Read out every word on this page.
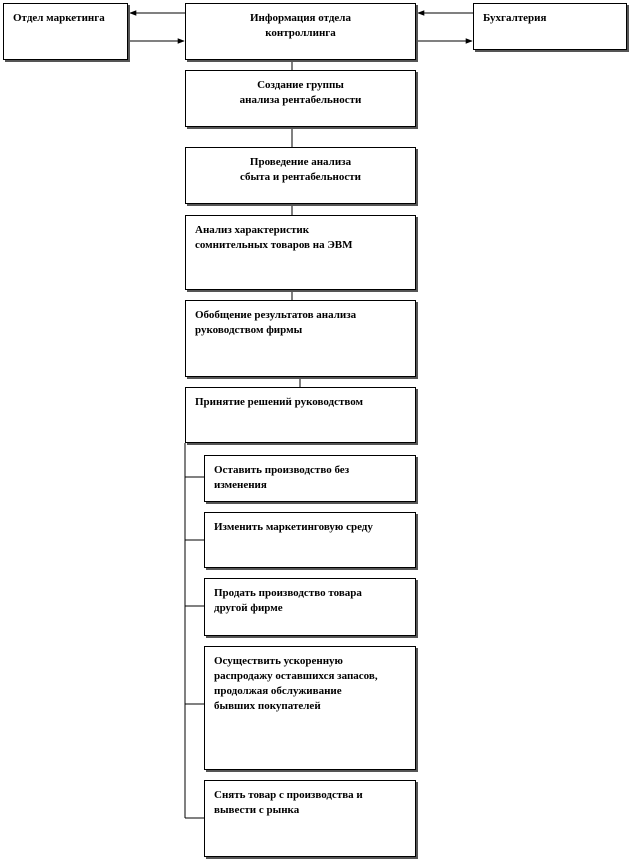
Отдел маркетинга	Информация отдела
контроллинга
Бухгалтерия
Создание группы
анализа рентабельности
Проведение анализа
сбыта и рентабельности
Анализ характеристик
сомнительных товаров на ЭВМ
Обобщение результатов анализа
руководством фирмы
Принятие решений руководством
Оставить производство без
изменения
Изменить маркетинговую среду
Продать производство товара
другой фирме
Осуществить ускоренную
распродажу оставшихся запасов,
продолжая обслуживание
бывших покупателей
Снять товар с производства и
вывести с рынка
